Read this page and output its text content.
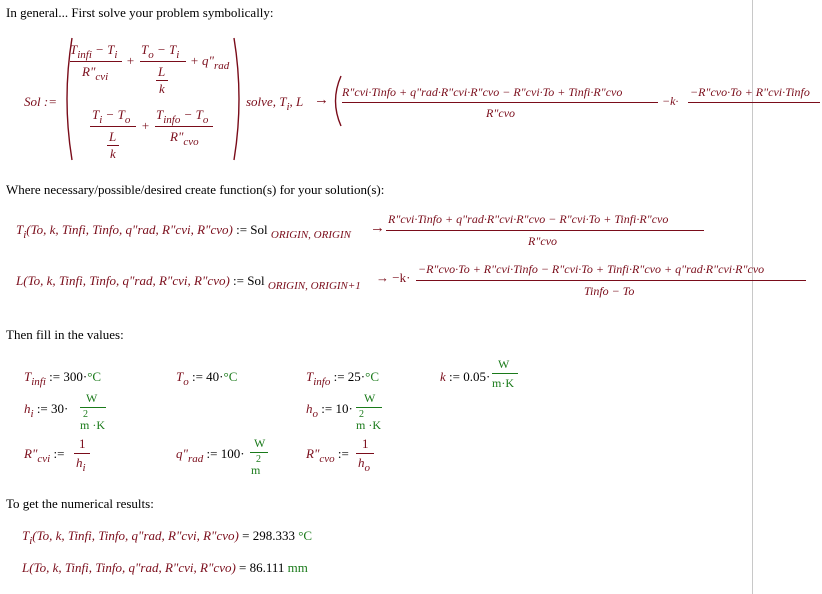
In general... First solve your problem symbolically:
Sol :=
$T_{infi} - T_i$
$R"_{cvi}$
+
$T_o - T_i$
L
k
+ $q"_{rad}$
$T_i - T_o$
L
k
+
$T_{info} - T_o$
$R"_{cvo}$
solve, $T_i$, L → R"cvi·Tinfo + q"rad·R"cvi·R"cvo − R"cvi·To + Tinfi·R"cvo
R"cvo
−k·
−R"cvo·To + R"cvi·Tinfo
Where necessary/possible/desired create function(s) for your solution(s):
$T_i(To$, k, Tinfi, Tinfo, q"rad, R"cvi, R"cvo) := Sol $_{ORIGIN, ORIGIN}$ →
R"cvi·Tinfo + q"rad·R"cvi·R"cvo − R"cvi·To + Tinfi·R"cvo
R"cvo
L(To, k, Tinfi, Tinfo, q"rad, R"cvi, R"cvo) := Sol $_{ORIGIN, ORIGIN+1}$
→ −k·
−R"cvo·To + R"cvi·Tinfo − R"cvi·To + Tinfi·R"cvo + q"rad·R"cvi·R"cvo
Tinfo − To
Then fill in the values:
$T_{infi}$ := 300·°C	$T_o$ := 40·°C	$T_{info}$ := 25·°C	k := 0.05·
W
m·K
$h_i$ := 30·
W
2
m ·K
$h_o$ := 10·
W
2
m ·K
$R"_{cvi}$ :=
1
$h_i$
$q"_{rad}$ := 100·
W
2
m
$R"_{cvo}$ :=
1
$h_o$
To get the numerical results:
$T_i(To$, k, Tinfi, Tinfo, q"rad, R"cvi, R"cvo) = 298.333 °C
L(To, k, Tinfi, Tinfo, q"rad, R"cvi, R"cvo) = 86.111 mm
